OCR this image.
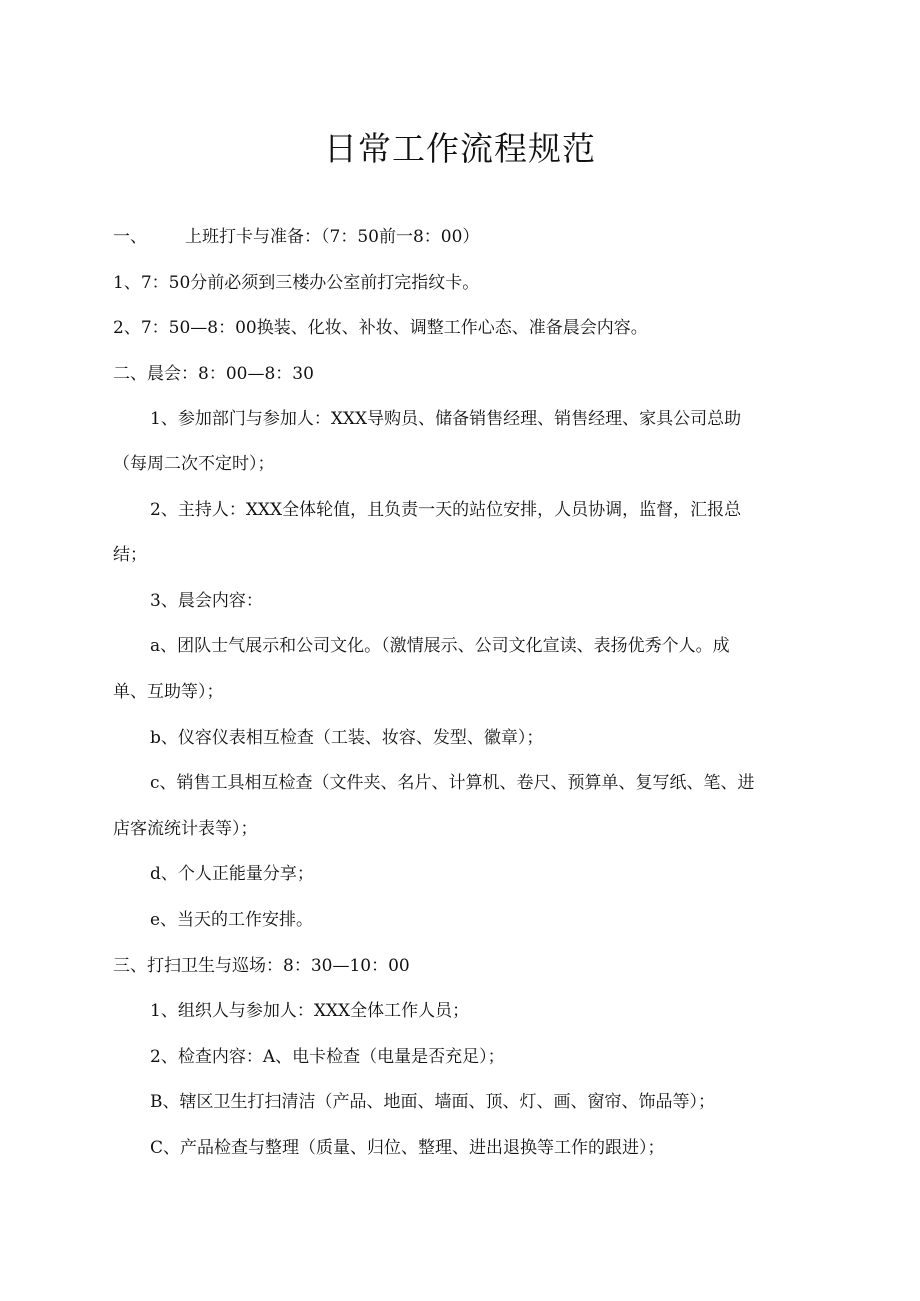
日常工作流程规范

一、 上班打卡与准备：（7：50前一8：00）

1、7：50分前必须到三楼办公室前打完指纹卡。

2、7：50—8：00换装、化妆、补妆、调整工作心态、准备晨会内容。

二、晨会：8：00—8：30

1、参加部门与参加人：XXX导购员、储备销售经理、销售经理、家具公司总助

（每周二次不定时）；

2、主持人：XXX全体轮值，且负责一天的站位安排，人员协调，监督，汇报总

结；

3、晨会内容：

a、团队士气展示和公司文化。（激情展示、公司文化宣读、表扬优秀个人。成

单、互助等）；

b、仪容仪表相互检查（工装、妆容、发型、徽章）；

c、销售工具相互检查（文件夹、名片、计算机、卷尺、预算单、复写纸、笔、进

店客流统计表等）；

d、个人正能量分享；

e、当天的工作安排。

三、打扫卫生与巡场：8：30—10：00

1、组织人与参加人：XXX全体工作人员；

2、检查内容：A、电卡检查（电量是否充足）；

B、辖区卫生打扫清洁（产品、地面、墙面、顶、灯、画、窗帘、饰品等）；

C、产品检查与整理（质量、归位、整理、进出退换等工作的跟进）；
